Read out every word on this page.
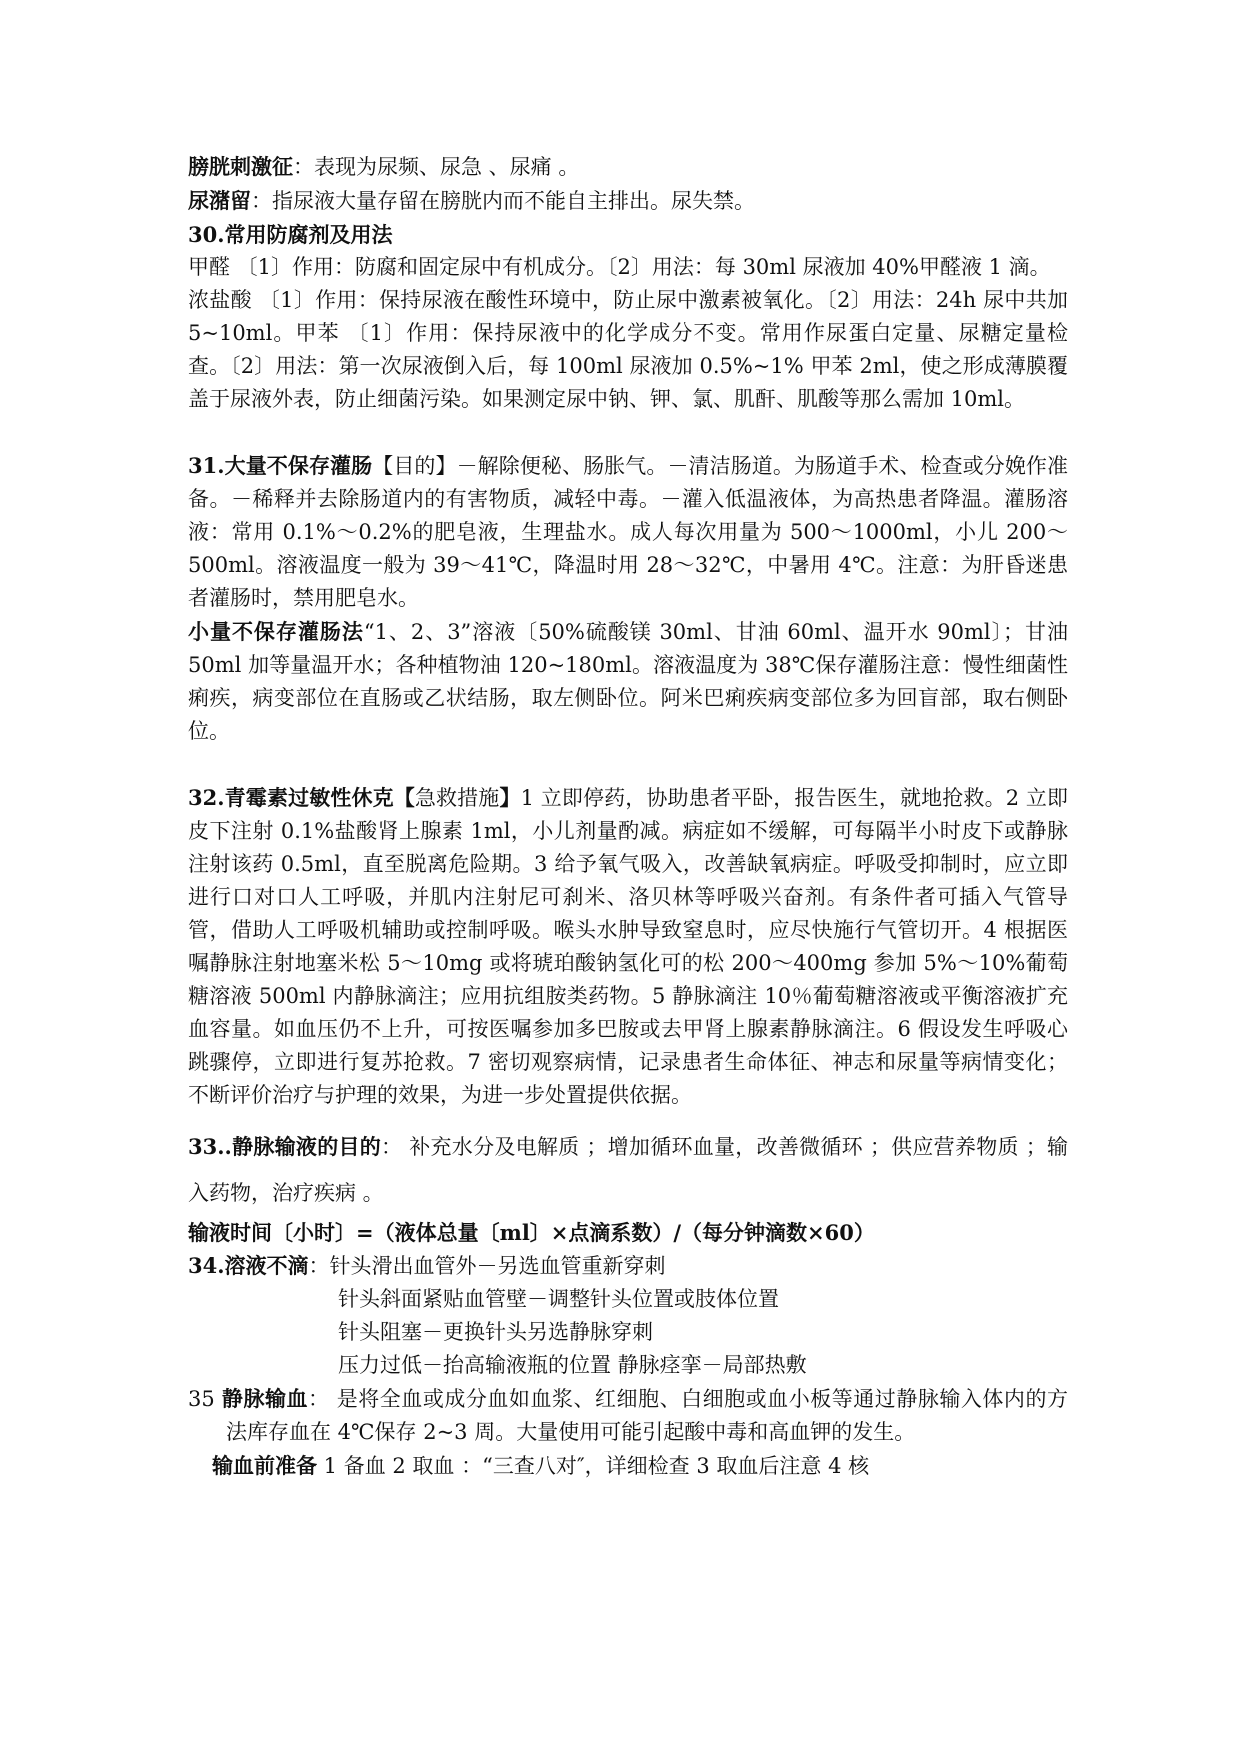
膀胱刺激征：表现为尿频、尿急 、尿痛 。

尿潴留：指尿液大量存留在膀胱内而不能自主排出。尿失禁。

30.常用防腐剂及用法

甲醛 〔1〕作用：防腐和固定尿中有机成分。〔2〕用法：每 30ml 尿液加 40%甲醛液 1 滴。

浓盐酸 〔1〕作用：保持尿液在酸性环境中，防止尿中激素被氧化。〔2〕用法：24h 尿中共加 5~10ml。甲苯 〔1〕作用：保持尿液中的化学成分不变。常用作尿蛋白定量、尿糖定量检查。〔2〕用法：第一次尿液倒入后，每 100ml 尿液加 0.5%~1% 甲苯 2ml，使之形成薄膜覆盖于尿液外表，防止细菌污染。如果测定尿中钠、钾、氯、肌酐、肌酸等那么需加 10ml。

31.大量不保存灌肠【目的】－解除便秘、肠胀气。－清洁肠道。为肠道手术、检查或分娩作准备。－稀释并去除肠道内的有害物质，减轻中毒。－灌入低温液体，为高热患者降温。灌肠溶液：常用 0.1%～0.2%的肥皂液，生理盐水。成人每次用量为 500～1000ml，小儿 200～500ml。溶液温度一般为 39～41℃，降温时用 28～32℃，中暑用 4℃。注意：为肝昏迷患者灌肠时，禁用肥皂水。

小量不保存灌肠法“1、2、3”溶液〔50%硫酸镁 30ml、甘油 60ml、温开水 90ml〕；甘油 50ml 加等量温开水；各种植物油 120~180ml。溶液温度为 38℃保存灌肠注意：慢性细菌性痢疾，病变部位在直肠或乙状结肠，取左侧卧位。阿米巴痢疾病变部位多为回盲部，取右侧卧位。

32.青霉素过敏性休克【急救措施】1 立即停药，协助患者平卧，报告医生，就地抢救。2 立即皮下注射 0.1%盐酸肾上腺素 1ml，小儿剂量酌减。病症如不缓解，可每隔半小时皮下或静脉注射该药 0.5ml，直至脱离危险期。3 给予氧气吸入，改善缺氧病症。呼吸受抑制时，应立即进行口对口人工呼吸，并肌内注射尼可刹米、洛贝林等呼吸兴奋剂。有条件者可插入气管导管，借助人工呼吸机辅助或控制呼吸。喉头水肿导致窒息时，应尽快施行气管切开。4 根据医嘱静脉注射地塞米松 5～10mg 或将琥珀酸钠氢化可的松 200～400mg 参加 5%～10%葡萄糖溶液 500ml 内静脉滴注；应用抗组胺类药物。5 静脉滴注 10％葡萄糖溶液或平衡溶液扩充血容量。如血压仍不上升，可按医嘱参加多巴胺或去甲肾上腺素静脉滴注。6 假设发生呼吸心跳骤停，立即进行复苏抢救。7 密切观察病情，记录患者生命体征、神志和尿量等病情变化；不断评价治疗与护理的效果，为进一步处置提供依据。

33..静脉输液的目的： 补充水分及电解质 ；增加循环血量，改善微循环 ；供应营养物质 ；输入药物，治疗疾病 。

输液时间〔小时〕=（液体总量〔ml〕×点滴系数）/（每分钟滴数×60）

34.溶液不滴：针头滑出血管外－另选血管重新穿刺

针头斜面紧贴血管壁－调整针头位置或肢体位置

针头阻塞－更换针头另选静脉穿刺

压力过低－抬高输液瓶的位置 静脉痉挛－局部热敷

35 静脉输血： 是将全血或成分血如血浆、红细胞、白细胞或血小板等通过静脉输入体内的方法库存血在 4℃保存 2~3 周。大量使用可能引起酸中毒和高血钾的发生。

输血前准备 1 备血 2 取血 ：“三查八对″，详细检查 3 取血后注意 4 核
